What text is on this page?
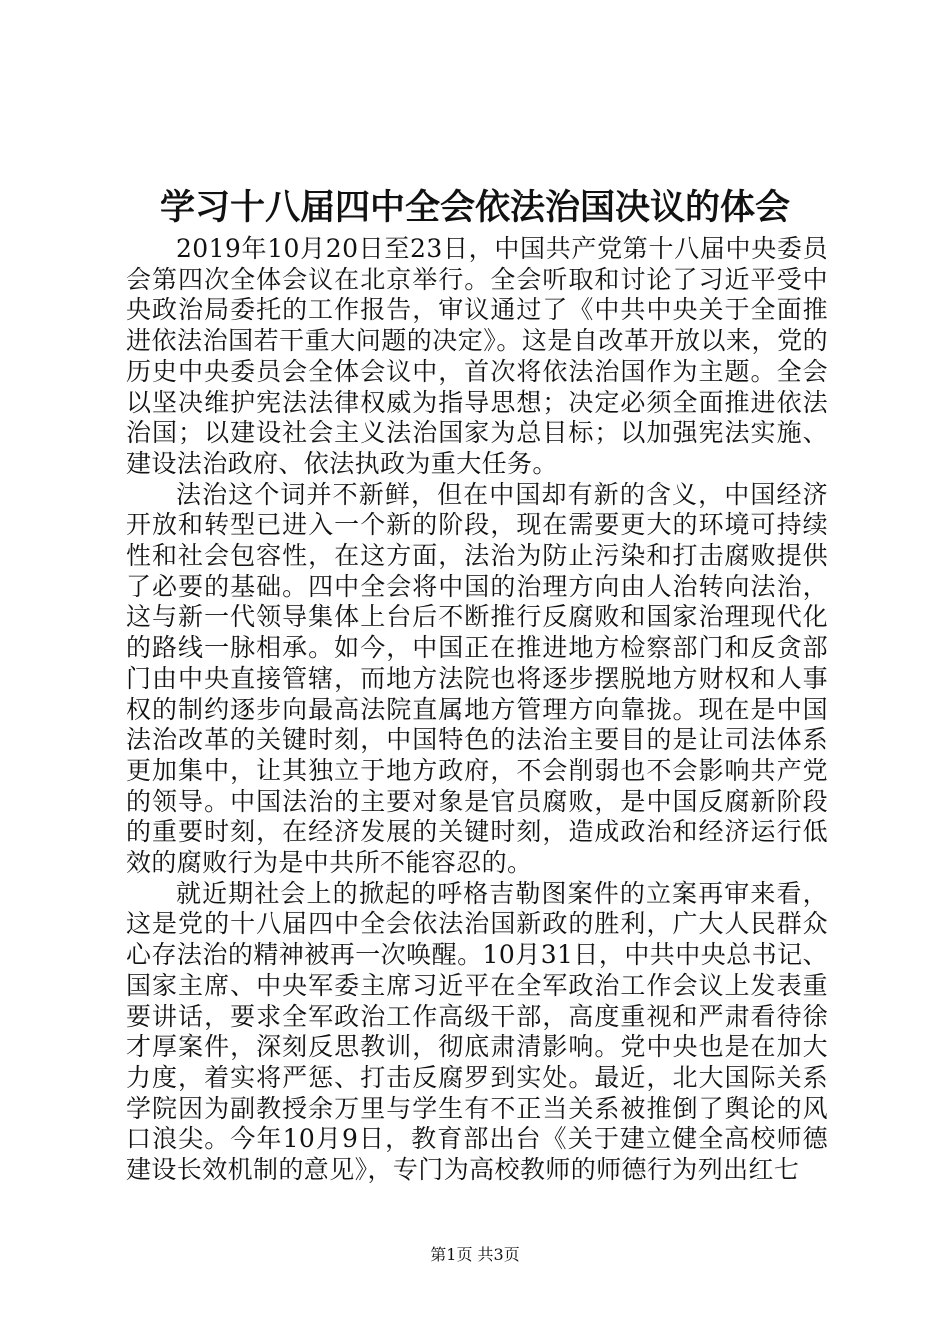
学习十八届四中全会依法治国决议的体会

2019年10月20日至23日，中国共产党第十八届中央委员会第四次全体会议在北京举行。全会听取和讨论了习近平受中央政治局委托的工作报告，审议通过了《中共中央关于全面推进依法治国若干重大问题的决定》。这是自改革开放以来，党的历史中央委员会全体会议中，首次将依法治国作为主题。全会以坚决维护宪法法律权威为指导思想；决定必须全面推进依法治国；以建设社会主义法治国家为总目标；以加强宪法实施、建设法治政府、依法执政为重大任务。

法治这个词并不新鲜，但在中国却有新的含义，中国经济开放和转型已进入一个新的阶段，现在需要更大的环境可持续性和社会包容性，在这方面，法治为防止污染和打击腐败提供了必要的基础。四中全会将中国的治理方向由人治转向法治，这与新一代领导集体上台后不断推行反腐败和国家治理现代化的路线一脉相承。如今，中国正在推进地方检察部门和反贪部门由中央直接管辖，而地方法院也将逐步摆脱地方财权和人事权的制约逐步向最高法院直属地方管理方向靠拢。现在是中国法治改革的关键时刻，中国特色的法治主要目的是让司法体系更加集中，让其独立于地方政府，不会削弱也不会影响共产党的领导。中国法治的主要对象是官员腐败，是中国反腐新阶段的重要时刻，在经济发展的关键时刻，造成政治和经济运行低效的腐败行为是中共所不能容忍的。

就近期社会上的掀起的呼格吉勒图案件的立案再审来看，这是党的十八届四中全会依法治国新政的胜利，广大人民群众心存法治的精神被再一次唤醒。10月31日，中共中央总书记、国家主席、中央军委主席习近平在全军政治工作会议上发表重要讲话，要求全军政治工作高级干部，高度重视和严肃看待徐才厚案件，深刻反思教训，彻底肃清影响。党中央也是在加大力度，着实将严惩、打击反腐罗到实处。最近，北大国际关系学院因为副教授余万里与学生有不正当关系被推倒了舆论的风口浪尖。今年10月9日，教育部出台《关于建立健全高校师德建设长效机制的意见》，专门为高校教师的师德行为列出红七

第1页 共3页
